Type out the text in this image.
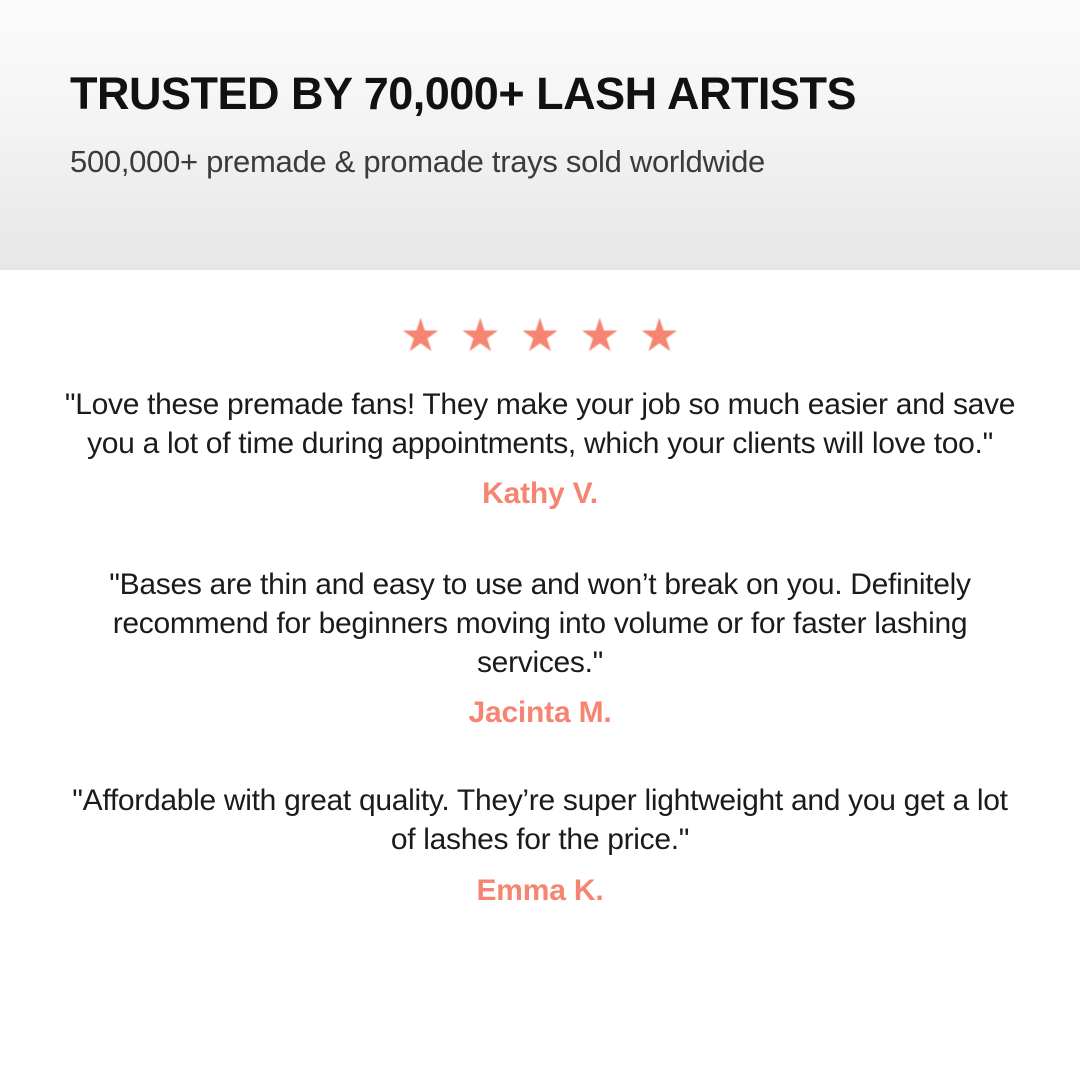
TRUSTED BY 70,000+ LASH ARTISTS

500,000+ premade & promade trays sold worldwide

★ ★ ★ ★ ★

"Love these premade fans! They make your job so much easier and save you a lot of time during appointments, which your clients will love too."

Kathy V.

"Bases are thin and easy to use and won’t break on you. Definitely recommend for beginners moving into volume or for faster lashing services."

Jacinta M.

"Affordable with great quality. They’re super lightweight and you get a lot of lashes for the price."

Emma K.
